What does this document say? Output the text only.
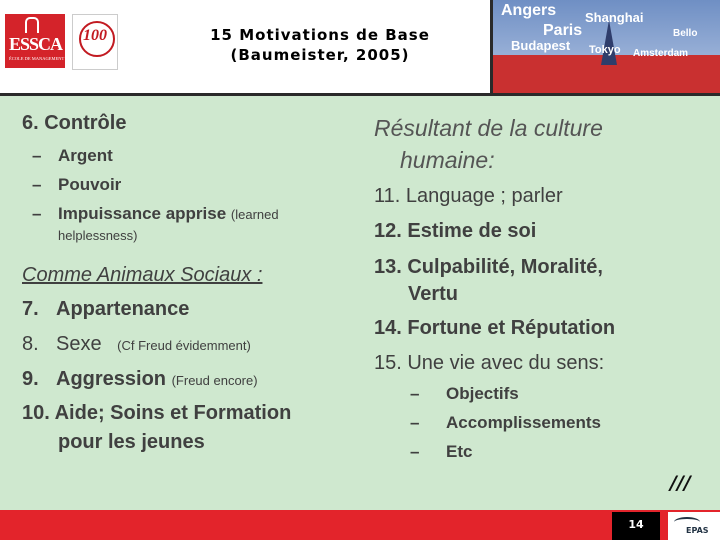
ESSCA
ÉCOLE DE MANAGEMENT
100	15 Motivations de Base
(Baumeister, 2005)
Angers Shanghai
Paris
Budapest Tokyo Amsterdam
Bello
6. Contrôle
– Argent
– Pouvoir
– Impuissance apprise (learned
helplessness)
Comme Animaux Sociaux :
7. Appartenance
8. Sexe (Cf Freud évidemment)
9. Aggression (Freud encore)
10. Aide; Soins et Formation
pour les jeunes
Résultant de la culture
humaine:
11. Language ; parler
12. Estime de soi
13. Culpabilité, Moralité,
Vertu
14. Fortune et Réputation
15. Une vie avec du sens:
– Objectifs
– Accomplissements
– Etc
///
14	EPAS
